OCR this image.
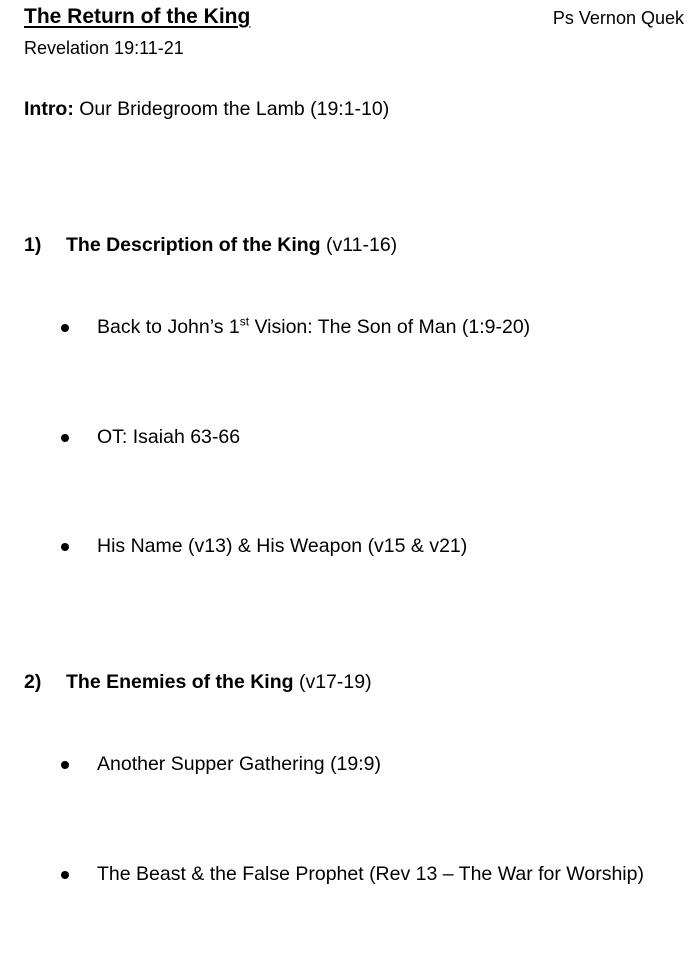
The Return of the King	Ps Vernon Quek
Revelation 19:11-21
Intro: Our Bridegroom the Lamb (19:1-10)
1) The Description of the King (v11-16)
Back to John’s 1st Vision: The Son of Man (1:9-20)
OT: Isaiah 63-66
His Name (v13) & His Weapon (v15 & v21)
2) The Enemies of the King (v17-19)
Another Supper Gathering (19:9)
The Beast & the False Prophet (Rev 13 – The War for Worship)
